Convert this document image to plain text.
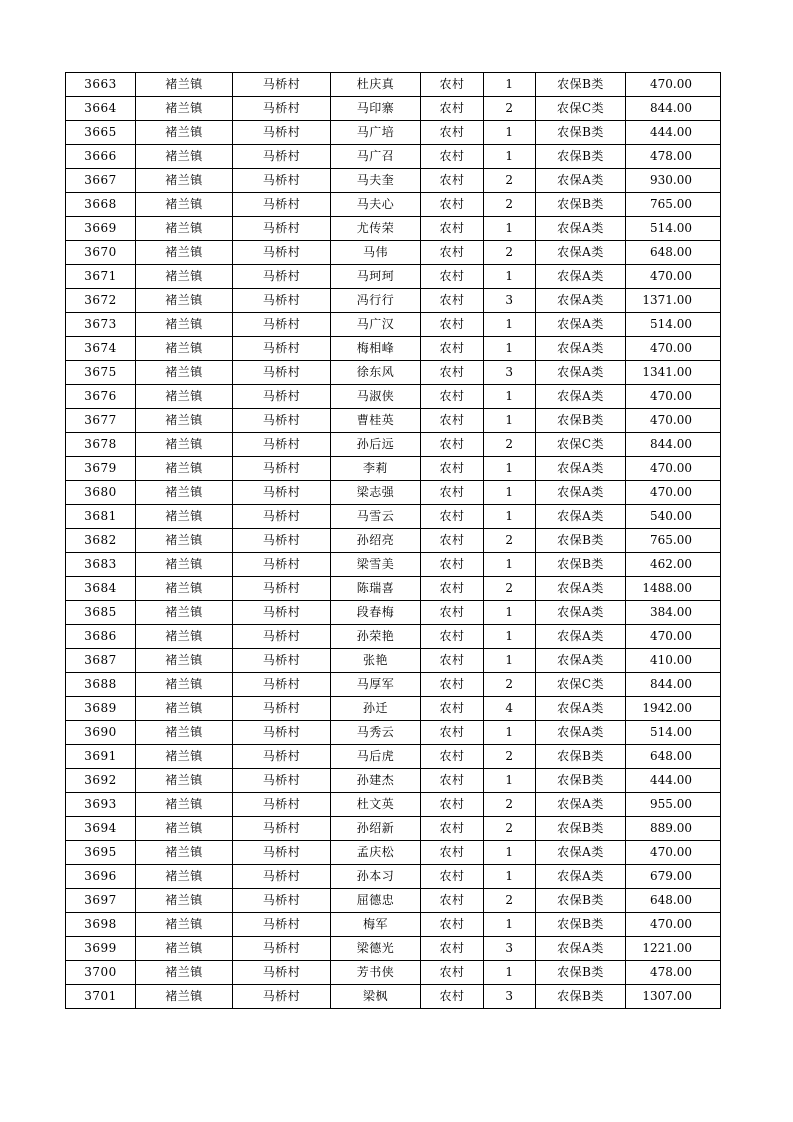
3663	褚兰镇	马桥村	杜庆真	农村	1	农保B类	470.00
3664	褚兰镇	马桥村	马印寨	农村	2	农保C类	844.00
3665	褚兰镇	马桥村	马广培	农村	1	农保B类	444.00
3666	褚兰镇	马桥村	马广召	农村	1	农保B类	478.00
3667	褚兰镇	马桥村	马夫奎	农村	2	农保A类	930.00
3668	褚兰镇	马桥村	马夫心	农村	2	农保B类	765.00
3669	褚兰镇	马桥村	尤传荣	农村	1	农保A类	514.00
3670	褚兰镇	马桥村	马伟	农村	2	农保A类	648.00
3671	褚兰镇	马桥村	马珂珂	农村	1	农保A类	470.00
3672	褚兰镇	马桥村	冯行行	农村	3	农保A类	1371.00
3673	褚兰镇	马桥村	马广汉	农村	1	农保A类	514.00
3674	褚兰镇	马桥村	梅相峰	农村	1	农保A类	470.00
3675	褚兰镇	马桥村	徐东风	农村	3	农保A类	1341.00
3676	褚兰镇	马桥村	马淑侠	农村	1	农保A类	470.00
3677	褚兰镇	马桥村	曹桂英	农村	1	农保B类	470.00
3678	褚兰镇	马桥村	孙后远	农村	2	农保C类	844.00
3679	褚兰镇	马桥村	李莉	农村	1	农保A类	470.00
3680	褚兰镇	马桥村	梁志强	农村	1	农保A类	470.00
3681	褚兰镇	马桥村	马雪云	农村	1	农保A类	540.00
3682	褚兰镇	马桥村	孙绍亮	农村	2	农保B类	765.00
3683	褚兰镇	马桥村	梁雪美	农村	1	农保B类	462.00
3684	褚兰镇	马桥村	陈瑞喜	农村	2	农保A类	1488.00
3685	褚兰镇	马桥村	段春梅	农村	1	农保A类	384.00
3686	褚兰镇	马桥村	孙荣艳	农村	1	农保A类	470.00
3687	褚兰镇	马桥村	张艳	农村	1	农保A类	410.00
3688	褚兰镇	马桥村	马厚军	农村	2	农保C类	844.00
3689	褚兰镇	马桥村	孙迁	农村	4	农保A类	1942.00
3690	褚兰镇	马桥村	马秀云	农村	1	农保A类	514.00
3691	褚兰镇	马桥村	马后虎	农村	2	农保B类	648.00
3692	褚兰镇	马桥村	孙建杰	农村	1	农保B类	444.00
3693	褚兰镇	马桥村	杜文英	农村	2	农保A类	955.00
3694	褚兰镇	马桥村	孙绍新	农村	2	农保B类	889.00
3695	褚兰镇	马桥村	孟庆松	农村	1	农保A类	470.00
3696	褚兰镇	马桥村	孙本习	农村	1	农保A类	679.00
3697	褚兰镇	马桥村	屈德忠	农村	2	农保B类	648.00
3698	褚兰镇	马桥村	梅军	农村	1	农保B类	470.00
3699	褚兰镇	马桥村	梁德光	农村	3	农保A类	1221.00
3700	褚兰镇	马桥村	芳书侠	农村	1	农保B类	478.00
3701	褚兰镇	马桥村	梁枫	农村	3	农保B类	1307.00
